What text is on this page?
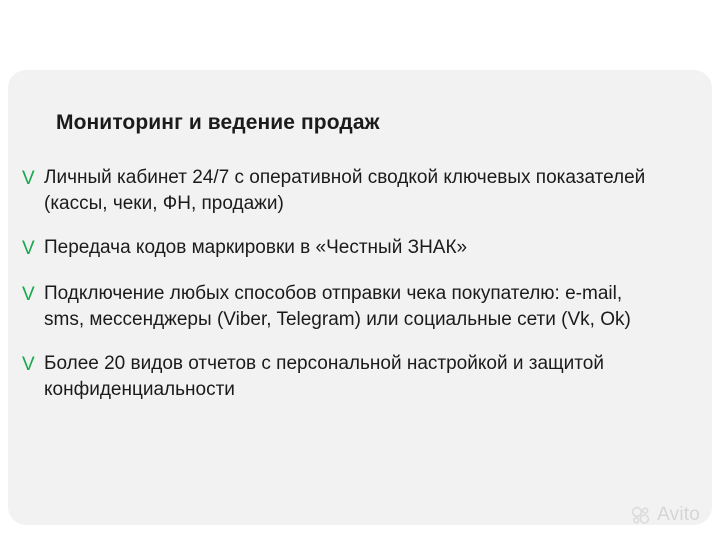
Мониторинг и ведение продаж
V Личный кабинет 24/7 с оперативной сводкой ключевых показателей (кассы, чеки, ФН, продажи)
V Передача кодов маркировки в «Честный ЗНАК»
V Подключение любых способов отправки чека покупателю: e-mail, sms, мессенджеры (Viber, Telegram) или социальные сети (Vk, Ok)
V Более 20 видов отчетов с персональной настройкой и защитой конфиденциальности
Avito
